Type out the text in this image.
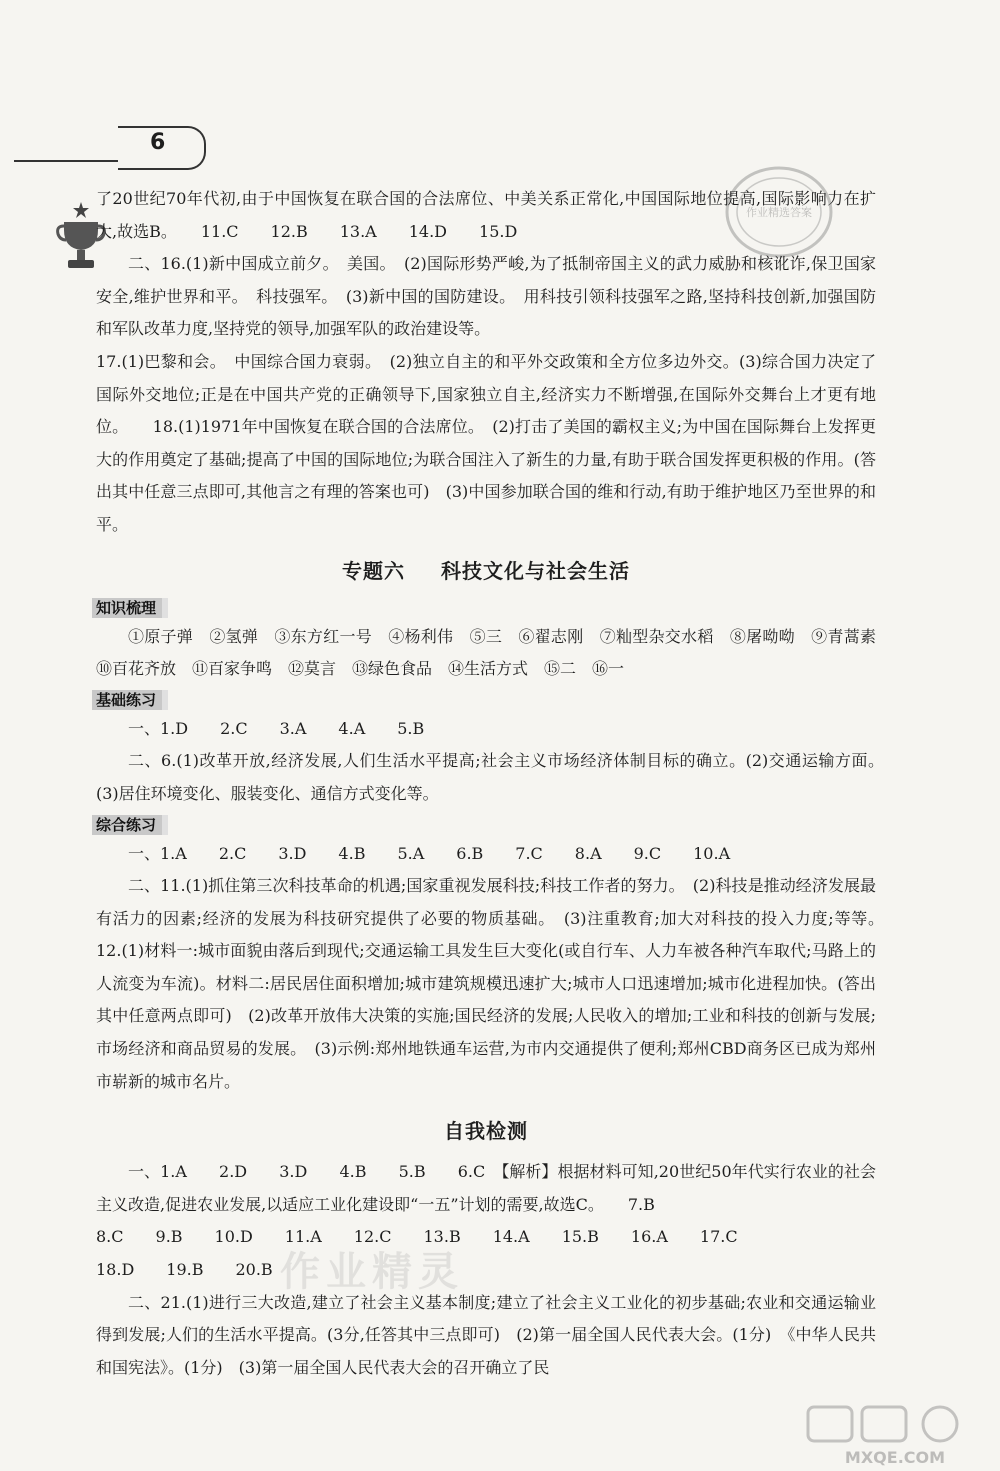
6
作业精选答案

了20世纪70年代初,由于中国恢复在联合国的合法席位、中美关系正常化,中国国际地位提高,国际影响力在扩大,故选B。　　11.C　　12.B　　13.A　　14.D　　15.D

二、16.(1)新中国成立前夕。　美国。　(2)国际形势严峻,为了抵制帝国主义的武力威胁和核讹诈,保卫国家安全,维护世界和平。　科技强军。　(3)新中国的国防建设。　用科技引领科技强军之路,坚持科技创新,加强国防和军队改革力度,坚持党的领导,加强军队的政治建设等。

17.(1)巴黎和会。　中国综合国力衰弱。　(2)独立自主的和平外交政策和全方位多边外交。(3)综合国力决定了国际外交地位;正是在中国共产党的正确领导下,国家独立自主,经济实力不断增强,在国际外交舞台上才更有地位。　　18.(1)1971年中国恢复在联合国的合法席位。　(2)打击了美国的霸权主义;为中国在国际舞台上发挥更大的作用奠定了基础;提高了中国的国际地位;为联合国注入了新生的力量,有助于联合国发挥更积极的作用。(答出其中任意三点即可,其他言之有理的答案也可)　(3)中国参加联合国的维和行动,有助于维护地区乃至世界的和平。

专题六 科技文化与社会生活
知识梳理

①原子弹　②氢弹　③东方红一号　④杨利伟　⑤三　⑥翟志刚　⑦籼型杂交水稻　⑧屠呦呦　⑨青蒿素　⑩百花齐放　⑪百家争鸣　⑫莫言　⑬绿色食品　⑭生活方式　⑮二　⑯一

基础练习

一、1.D　　2.C　　3.A　　4.A　　5.B

二、6.(1)改革开放,经济发展,人们生活水平提高;社会主义市场经济体制目标的确立。(2)交通运输方面。　(3)居住环境变化、服装变化、通信方式变化等。

综合练习

一、1.A　　2.C　　3.D　　4.B　　5.A　　6.B　　7.C　　8.A　　9.C　　10.A

二、11.(1)抓住第三次科技革命的机遇;国家重视发展科技;科技工作者的努力。　(2)科技是推动经济发展最有活力的因素;经济的发展为科技研究提供了必要的物质基础。　(3)注重教育;加大对科技的投入力度;等等。　　12.(1)材料一:城市面貌由落后到现代;交通运输工具发生巨大变化(或自行车、人力车被各种汽车取代;马路上的人流变为车流)。材料二:居民居住面积增加;城市建筑规模迅速扩大;城市人口迅速增加;城市化进程加快。(答出其中任意两点即可)　(2)改革开放伟大决策的实施;国民经济的发展;人民收入的增加;工业和科技的创新与发展;市场经济和商品贸易的发展。　(3)示例:郑州地铁通车运营,为市内交通提供了便利;郑州CBD商务区已成为郑州市崭新的城市名片。

自我检测

一、1.A　　2.D　　3.D　　4.B　　5.B　　6.C　【解析】根据材料可知,20世纪50年代实行农业的社会主义改造,促进农业发展,以适应工业化建设即“一五”计划的需要,故选C。　　7.B

8.C　　9.B　　10.D　　11.A　　12.C　　13.B　　14.A　　15.B　　16.A　　17.C

18.D　　19.B　　20.B

二、21.(1)进行三大改造,建立了社会主义基本制度;建立了社会主义工业化的初步基础;农业和交通运输业得到发展;人们的生活水平提高。(3分,任答其中三点即可)　(2)第一届全国人民代表大会。(1分)　《中华人民共和国宪法》。(1分)　(3)第一届全国人民代表大会的召开确立了民

作业精灵
MXQE.COM
